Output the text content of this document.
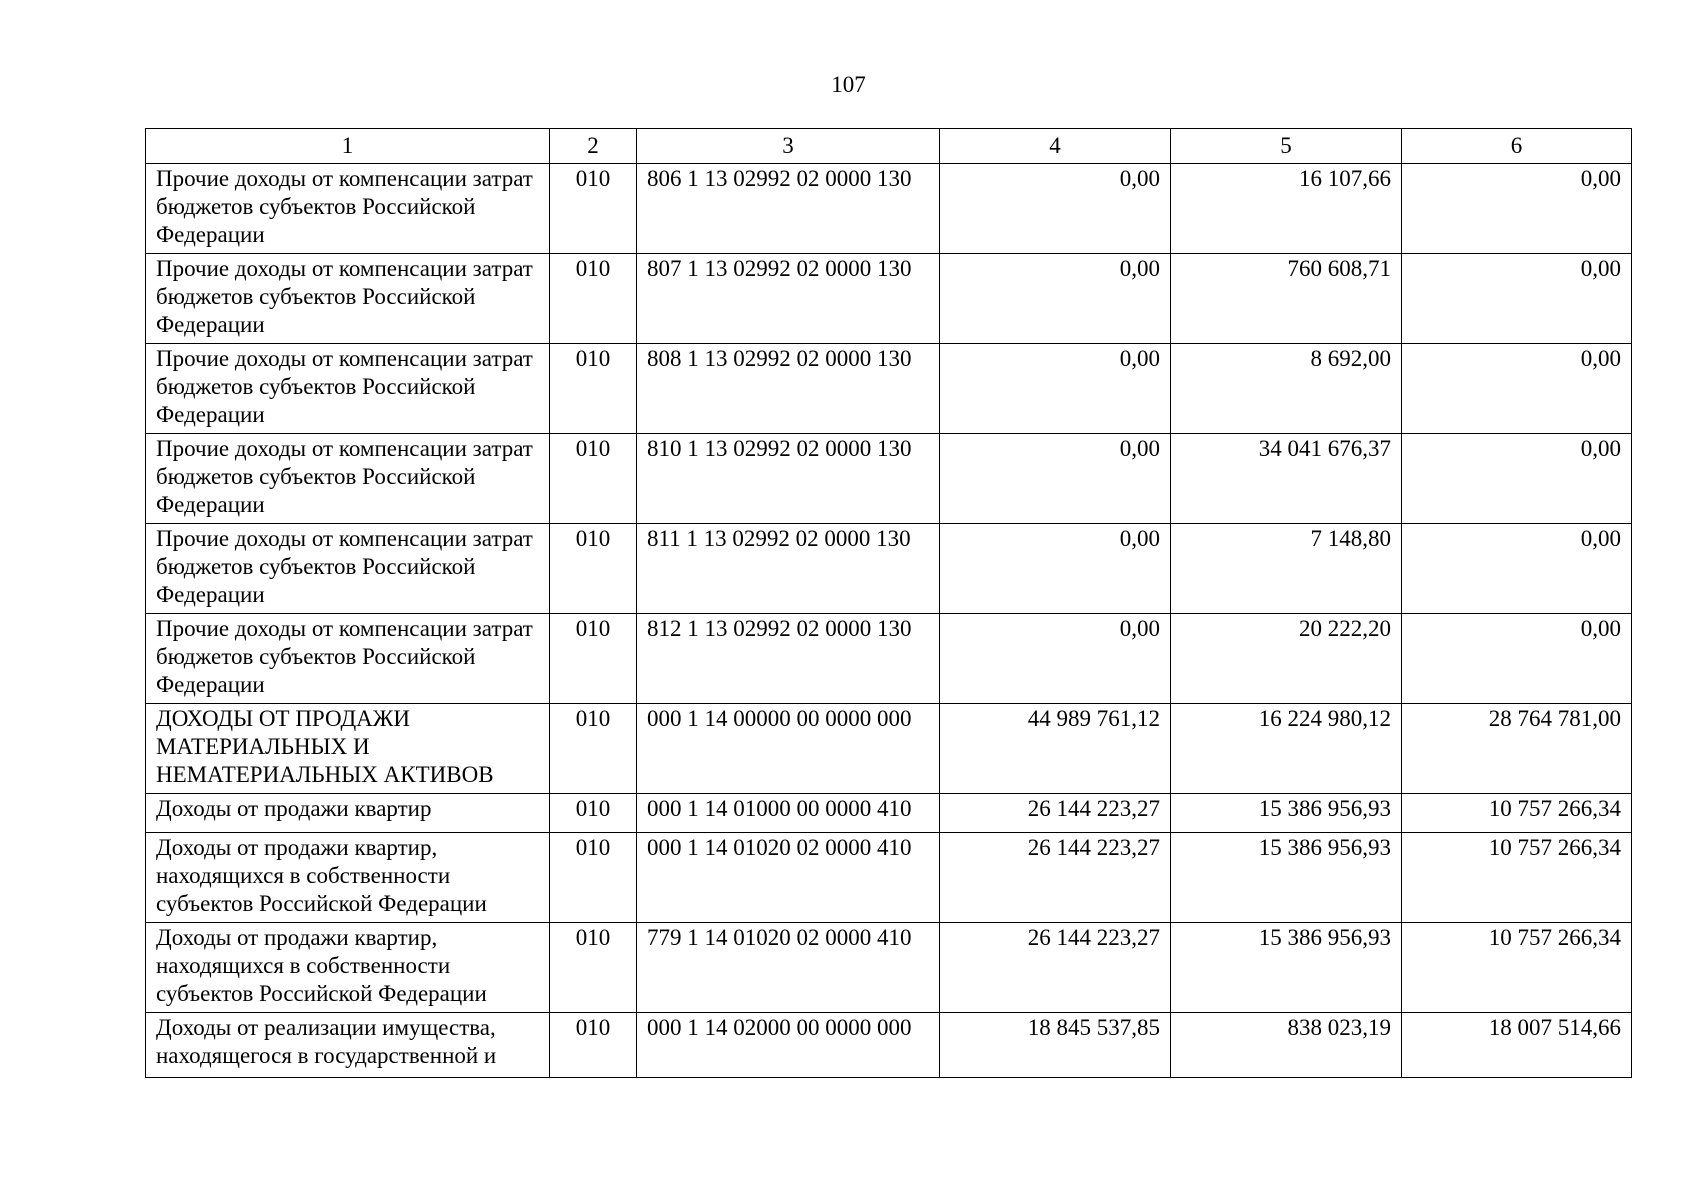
107
1	2	3	4	5	6
Прочие доходы от компенсации затрат бюджетов субъектов Российской Федерации	010	806 1 13 02992 02 0000 130	0,00	16 107,66	0,00
Прочие доходы от компенсации затрат бюджетов субъектов Российской Федерации	010	807 1 13 02992 02 0000 130	0,00	760 608,71	0,00
Прочие доходы от компенсации затрат бюджетов субъектов Российской Федерации	010	808 1 13 02992 02 0000 130	0,00	8 692,00	0,00
Прочие доходы от компенсации затрат бюджетов субъектов Российской Федерации	010	810 1 13 02992 02 0000 130	0,00	34 041 676,37	0,00
Прочие доходы от компенсации затрат бюджетов субъектов Российской Федерации	010	811 1 13 02992 02 0000 130	0,00	7 148,80	0,00
Прочие доходы от компенсации затрат бюджетов субъектов Российской Федерации	010	812 1 13 02992 02 0000 130	0,00	20 222,20	0,00
ДОХОДЫ ОТ ПРОДАЖИ МАТЕРИАЛЬНЫХ И НЕМАТЕРИАЛЬНЫХ АКТИВОВ	010	000 1 14 00000 00 0000 000	44 989 761,12	16 224 980,12	28 764 781,00
Доходы от продажи квартир	010	000 1 14 01000 00 0000 410	26 144 223,27	15 386 956,93	10 757 266,34
Доходы от продажи квартир, находящихся в собственности субъектов Российской Федерации	010	000 1 14 01020 02 0000 410	26 144 223,27	15 386 956,93	10 757 266,34
Доходы от продажи квартир, находящихся в собственности субъектов Российской Федерации	010	779 1 14 01020 02 0000 410	26 144 223,27	15 386 956,93	10 757 266,34
Доходы от реализации имущества, находящегося в государственной и	010	000 1 14 02000 00 0000 000	18 845 537,85	838 023,19	18 007 514,66
